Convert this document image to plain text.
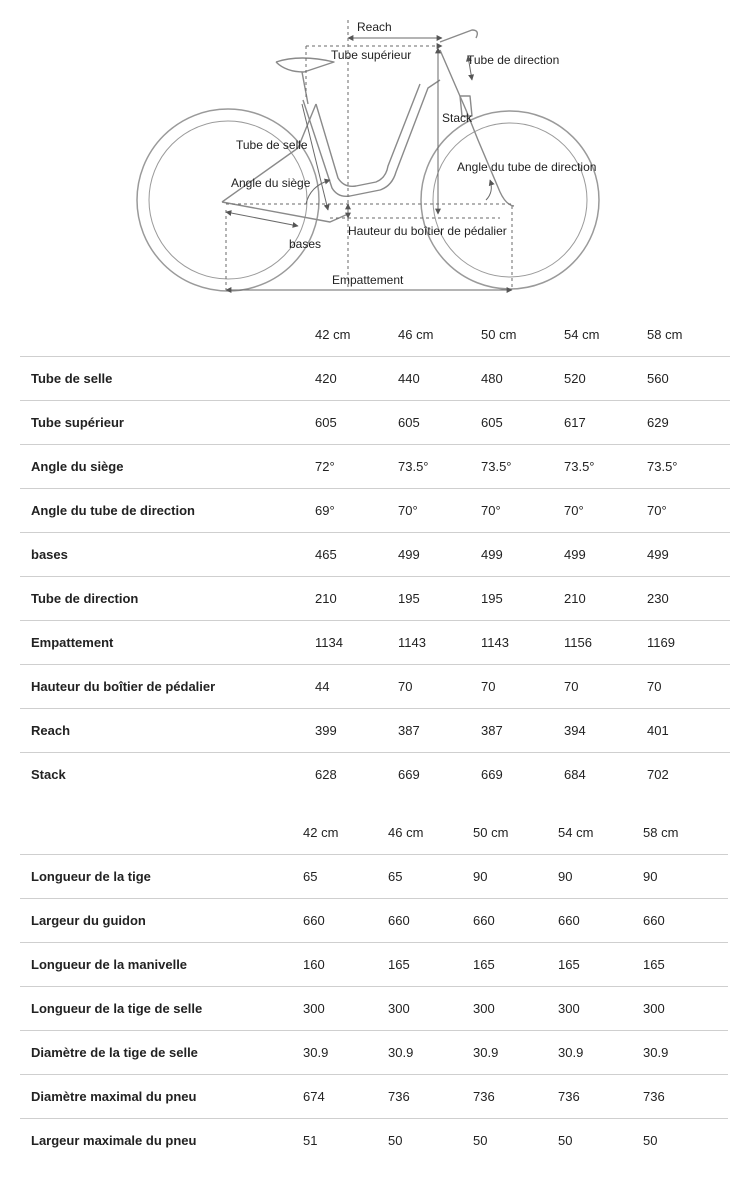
Reach
Tube supérieur	Tube de direction
Stack
Tube de selle
Angle du tube de direction
Angle du siège
Hauteur du boîtier de pédalier
bases
Empattement
	42 cm	46 cm	50 cm	54 cm	58 cm
Tube de selle	420	440	480	520	560
Tube supérieur	605	605	605	617	629
Angle du siège	72°	73.5°	73.5°	73.5°	73.5°
Angle du tube de direction	69°	70°	70°	70°	70°
bases	465	499	499	499	499
Tube de direction	210	195	195	210	230
Empattement	1134	1143	1143	1156	1169
Hauteur du boîtier de pédalier	44	70	70	70	70
Reach	399	387	387	394	401
Stack	628	669	669	684	702
	42 cm	46 cm	50 cm	54 cm	58 cm
Longueur de la tige	65	65	90	90	90
Largeur du guidon	660	660	660	660	660
Longueur de la manivelle	160	165	165	165	165
Longueur de la tige de selle	300	300	300	300	300
Diamètre de la tige de selle	30.9	30.9	30.9	30.9	30.9
Diamètre maximal du pneu	674	736	736	736	736
Largeur maximale du pneu	51	50	50	50	50
